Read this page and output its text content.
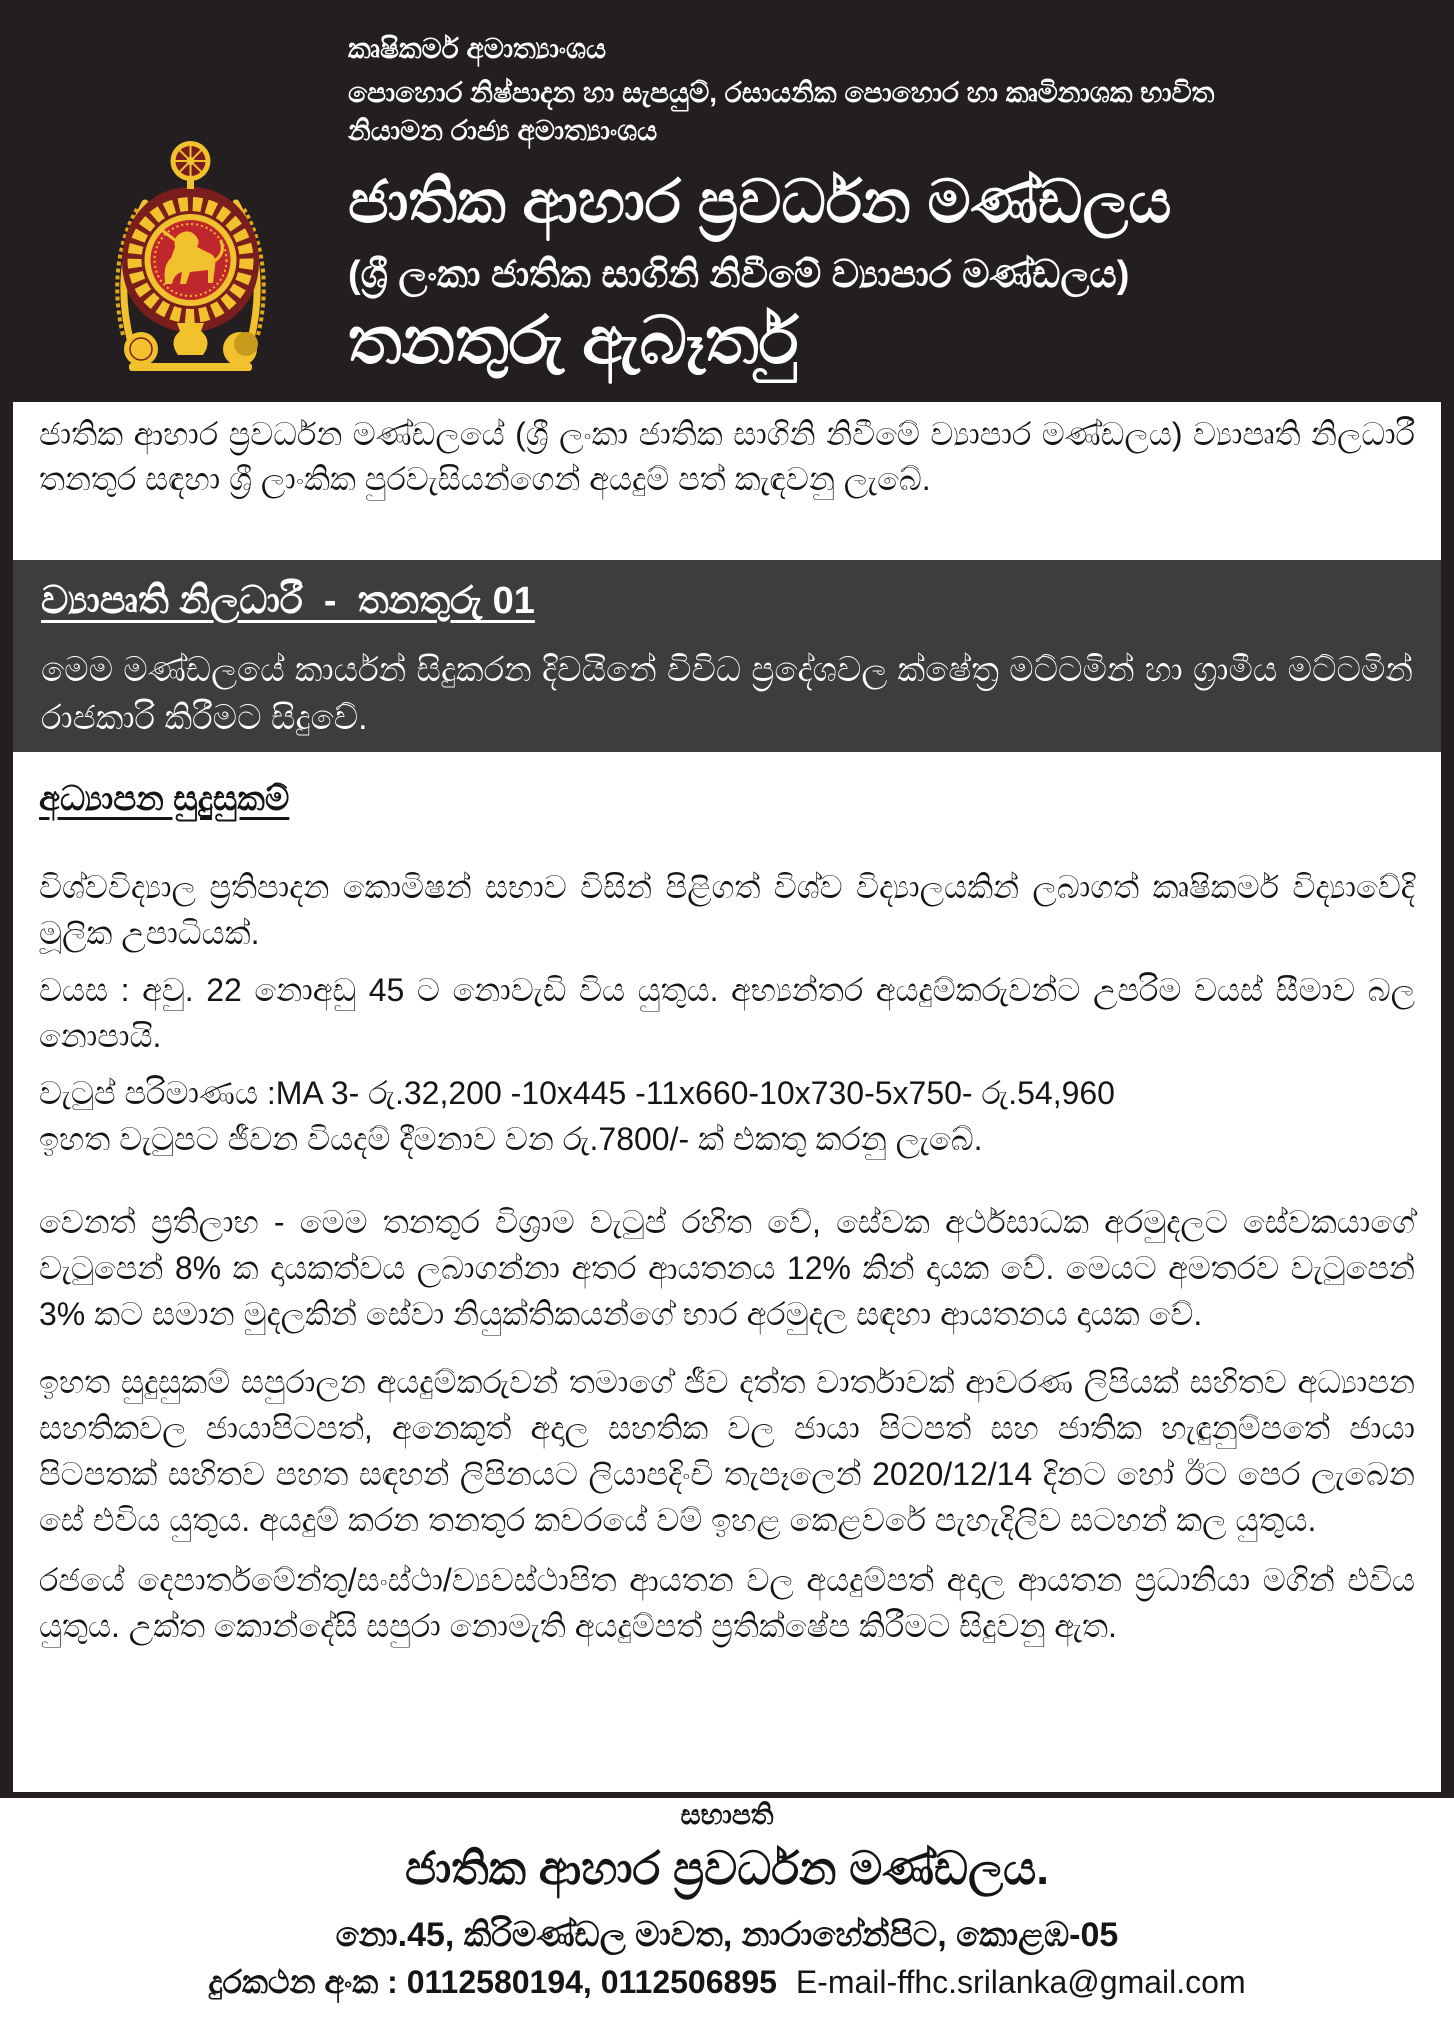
කෘෂිකර්ම අමාත්‍යාංශය
පොහොර නිෂ්පාදන හා සැපයුම්, රසායනික පොහොර හා කෘමිනාශක භාවිත
නියාමන රාජ්‍ය අමාත්‍යාංශය
ජාතික ආහාර ප්‍රවර්ධන මණ්ඩලය
(ශ්‍රී ලංකා ජාතික සාගිනි නිවීමේ ව්‍යාපාර මණ්ඩලය)
තනතුරු ඇබෑර්තු

ජාතික ආහාර ප්‍රවර්ධන මණ්ඩලයේ (ශ්‍රී ලංකා ජාතික සාගිනි නිවීමේ ව්‍යාපාර මණ්ඩලය) ව්‍යාපෘති නිලධාරී තනතුර සඳහා ශ්‍රී ලාංකික පුරවැසියන්ගෙන් අයදුම් පත් කැඳවනු ලැබේ.

ව්‍යාපෘති නිලධාරී  -  තනතුරු 01

මෙම මණ්ඩලයේ කාර්යන් සිදුකරන දිවයිනේ විවිධ ප්‍රදේශවල ක්ෂේත්‍ර මට්ටමින් හා ග්‍රාමීය මට්ටමින් රාජකාරි කිරීමට සිදුවේ.

අධ්‍යාපන සුදුසුකම්

විශ්වවිද්‍යාල ප්‍රතිපාදන කොමිෂන් සභාව විසින් පිළිගත් විශ්ව විද්‍යාලයකින් ලබාගත් කෘෂිකර්ම විද්‍යාවේදි මූලික උපාධියක්.

වයස : අවු. 22 නොඅඩු 45 ට නොවැඩි විය යුතුය. අභ්‍යන්තර අයදුම්කරුවන්ට උපරිම වයස් සීමාව බල නොපායි.

වැටුප් පරිමාණය :MA 3- රු.32,200 -10x445 -11x660-10x730-5x750- රු.54,960

ඉහත වැටුපට ජීවන වියදම් දීමනාව වන රු.7800/- ක් එකතු කරනු ලැබේ.

වෙනත් ප්‍රතිලාභ - මෙම තනතුර විශ්‍රාම වැටුප් රහිත වේ, සේවක අර්ථසාධක අරමුදලට සේවකයාගේ වැටුපෙන් 8% ක දායකත්වය ලබාගන්නා අතර ආයතනය 12% කින් දායක වේ. මෙයට අමතරව වැටුපෙන් 3% කට සමාන මුදලකින් සේවා නියුක්තිකයන්ගේ භාර අරමුදල සඳහා ආයතනය දායක වේ.

ඉහත සුදුසුකම් සපුරාලන අයදුම්කරුවන් තමාගේ ජීව දත්ත වාර්තාවක් ආවරණ ලිපියක් සහිතව අධ්‍යාපන සහතිකවල ජායාපිටපත්, අනෙකුත් අදාල සහතික වල ජායා පිටපත් සහ ජාතික හැඳුනුම්පතේ ජායා පිටපතක් සහිතව පහත සඳහන් ලිපිනයට ලියාපදිංචි තැපෑලෙන් 2020/12/14 දිනට හෝ ඊට පෙර ලැබෙන සේ එවිය යුතුය. අයදුම් කරන තනතුර කවරයේ වම් ඉහළ කෙළවරේ පැහැදිලිව සටහන් කල යුතුය.

රජයේ දෙපාර්තමේන්තු/සංස්ථා/ව්‍යවස්ථාපිත ආයතන වල අයදුම්පත් අදාල ආයතන ප්‍රධානියා මගින් එවිය යුතුය. උක්ත කොන්දේසි සපුරා නොමැති අයදුම්පත් ප්‍රතික්ෂේප කිරීමට සිදුවනු ඇත.

සභාපති
ජාතික ආහාර ප්‍රවර්ධන මණ්ඩලය.
නො.45, කිරිමණ්ඩල මාවත, නාරාහේන්පිට, කොළඹ-05
දුරකථන අංක : 0112580194, 0112506895 E-mail-ffhc.srilanka@gmail.com
